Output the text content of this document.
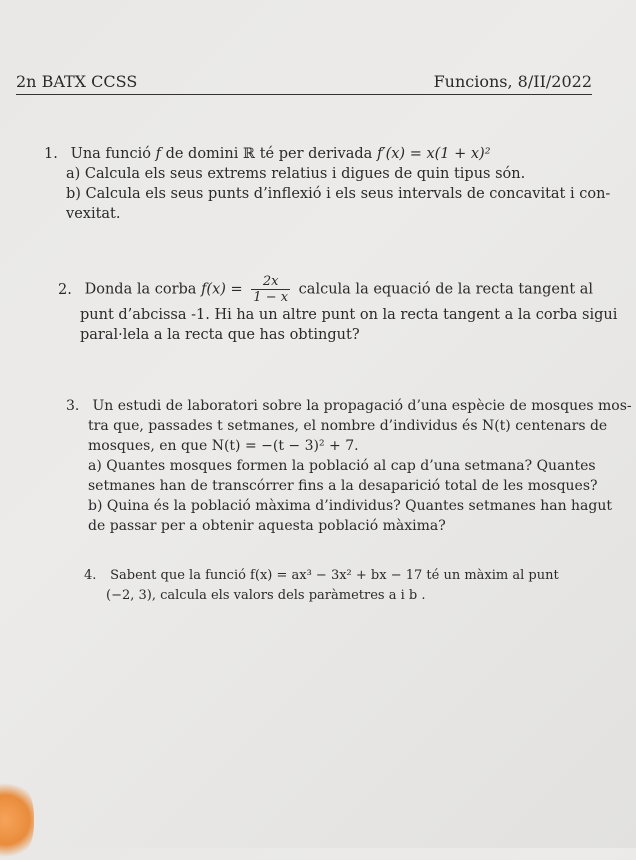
2n BATX CCSS	Funcions, 8/II/2022
1. Una funció f de domini ℝ té per derivada f′(x) = x(1 + x)²
a) Calcula els seus extrems relatius i digues de quin tipus són.
b) Calcula els seus punts d’inflexió i els seus intervals de concavitat i con-
vexitat.
2. Donda la corba $f(x) = \frac{2x}{1 - x}$ calcula la equació de la recta tangent al
punt d’abcissa -1. Hi ha un altre punt on la recta tangent a la corba sigui
paral·lela a la recta que has obtingut?
3. Un estudi de laboratori sobre la propagació d’una espècie de mosques mos-
tra que, passades t setmanes, el nombre d’individus és N(t) centenars de
mosques, en que N(t) = −(t − 3)² + 7.
a) Quantes mosques formen la població al cap d’una setmana? Quantes
setmanes han de transcórrer fins a la desaparició total de les mosques?
b) Quina és la població màxima d’individus? Quantes setmanes han hagut
de passar per a obtenir aquesta població màxima?
4. Sabent que la funció f(x) = ax³ − 3x² + bx − 17 té un màxim al punt
(−2, 3), calcula els valors dels paràmetres a i b .
